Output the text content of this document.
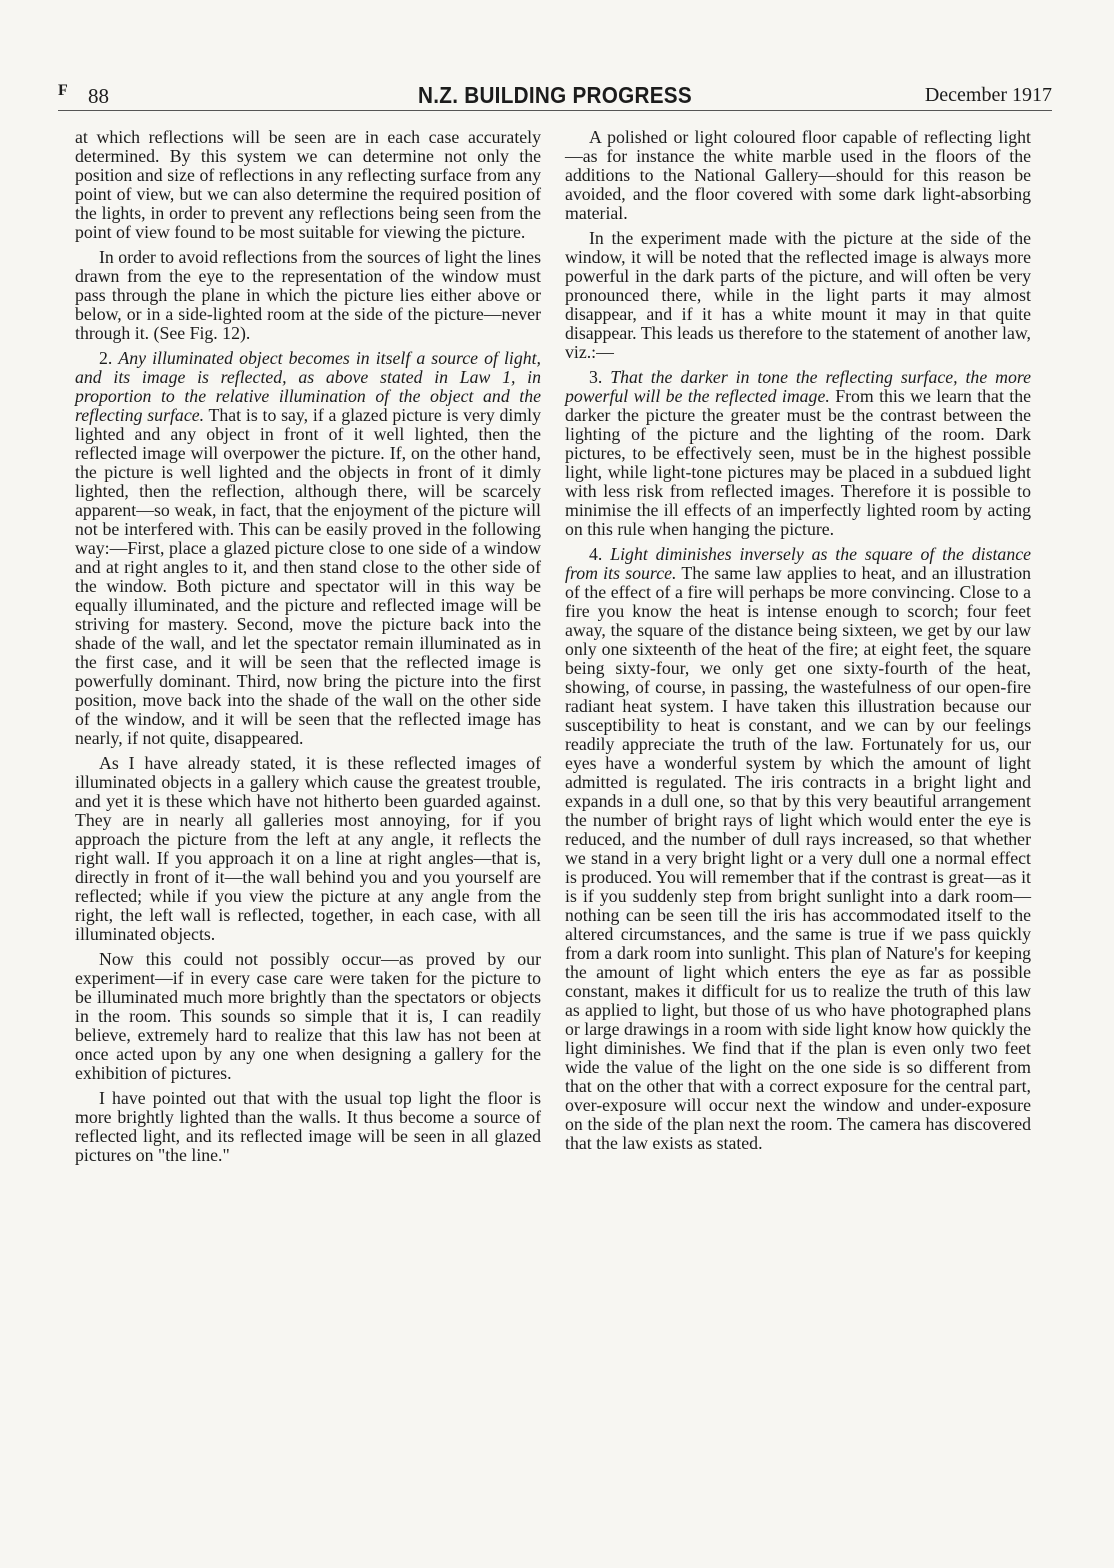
F 88	N.Z. BUILDING PROGRESS	December 1917

at which reflections will be seen are in each case accurately determined. By this system we can determine not only the position and size of reflections in any reflecting surface from any point of view, but we can also determine the required position of the lights, in order to prevent any reflections being seen from the point of view found to be most suitable for viewing the picture.

In order to avoid reflections from the sources of light the lines drawn from the eye to the representation of the window must pass through the plane in which the picture lies either above or below, or in a side-lighted room at the side of the picture—never through it. (See Fig. 12).

2. Any illuminated object becomes in itself a source of light, and its image is reflected, as above stated in Law 1, in proportion to the relative illumination of the object and the reflecting surface. That is to say, if a glazed picture is very dimly lighted and any object in front of it well lighted, then the reflected image will overpower the picture. If, on the other hand, the picture is well lighted and the objects in front of it dimly lighted, then the reflection, although there, will be scarcely apparent—so weak, in fact, that the enjoyment of the picture will not be interfered with. This can be easily proved in the following way:—First, place a glazed picture close to one side of a window and at right angles to it, and then stand close to the other side of the window. Both picture and spectator will in this way be equally illuminated, and the picture and reflected image will be striving for mastery. Second, move the picture back into the shade of the wall, and let the spectator remain illuminated as in the first case, and it will be seen that the reflected image is powerfully dominant. Third, now bring the picture into the first position, move back into the shade of the wall on the other side of the window, and it will be seen that the reflected image has nearly, if not quite, disappeared.

As I have already stated, it is these reflected images of illuminated objects in a gallery which cause the greatest trouble, and yet it is these which have not hitherto been guarded against. They are in nearly all galleries most annoying, for if you approach the picture from the left at any angle, it reflects the right wall. If you approach it on a line at right angles—that is, directly in front of it—the wall behind you and you yourself are reflected; while if you view the picture at any angle from the right, the left wall is reflected, together, in each case, with all illuminated objects.

Now this could not possibly occur—as proved by our experiment—if in every case care were taken for the picture to be illuminated much more brightly than the spectators or objects in the room. This sounds so simple that it is, I can readily believe, extremely hard to realize that this law has not been at once acted upon by any one when designing a gallery for the exhibition of pictures.

I have pointed out that with the usual top light the floor is more brightly lighted than the walls. It thus become a source of reflected light, and its reflected image will be seen in all glazed pictures on "the line."

A polished or light coloured floor capable of reflecting light—as for instance the white marble used in the floors of the additions to the National Gallery—should for this reason be avoided, and the floor covered with some dark light-absorbing material.

In the experiment made with the picture at the side of the window, it will be noted that the reflected image is always more powerful in the dark parts of the picture, and will often be very pronounced there, while in the light parts it may almost disappear, and if it has a white mount it may in that quite disappear. This leads us therefore to the statement of another law, viz.:—

3. That the darker in tone the reflecting surface, the more powerful will be the reflected image. From this we learn that the darker the picture the greater must be the contrast between the lighting of the picture and the lighting of the room. Dark pictures, to be effectively seen, must be in the highest possible light, while light-tone pictures may be placed in a subdued light with less risk from reflected images. Therefore it is possible to minimise the ill effects of an imperfectly lighted room by acting on this rule when hanging the picture.

4. Light diminishes inversely as the square of the distance from its source. The same law applies to heat, and an illustration of the effect of a fire will perhaps be more convincing. Close to a fire you know the heat is intense enough to scorch; four feet away, the square of the distance being sixteen, we get by our law only one sixteenth of the heat of the fire; at eight feet, the square being sixty-four, we only get one sixty-fourth of the heat, showing, of course, in passing, the wastefulness of our open-fire radiant heat system. I have taken this illustration because our susceptibility to heat is constant, and we can by our feelings readily appreciate the truth of the law. Fortunately for us, our eyes have a wonderful system by which the amount of light admitted is regulated. The iris contracts in a bright light and expands in a dull one, so that by this very beautiful arrangement the number of bright rays of light which would enter the eye is reduced, and the number of dull rays increased, so that whether we stand in a very bright light or a very dull one a normal effect is produced. You will remember that if the contrast is great—as it is if you suddenly step from bright sunlight into a dark room—nothing can be seen till the iris has accommodated itself to the altered circumstances, and the same is true if we pass quickly from a dark room into sunlight. This plan of Nature's for keeping the amount of light which enters the eye as far as possible constant, makes it difficult for us to realize the truth of this law as applied to light, but those of us who have photographed plans or large drawings in a room with side light know how quickly the light diminishes. We find that if the plan is even only two feet wide the value of the light on the one side is so different from that on the other that with a correct exposure for the central part, over-exposure will occur next the window and under-exposure on the side of the plan next the room. The camera has discovered that the law exists as stated.
